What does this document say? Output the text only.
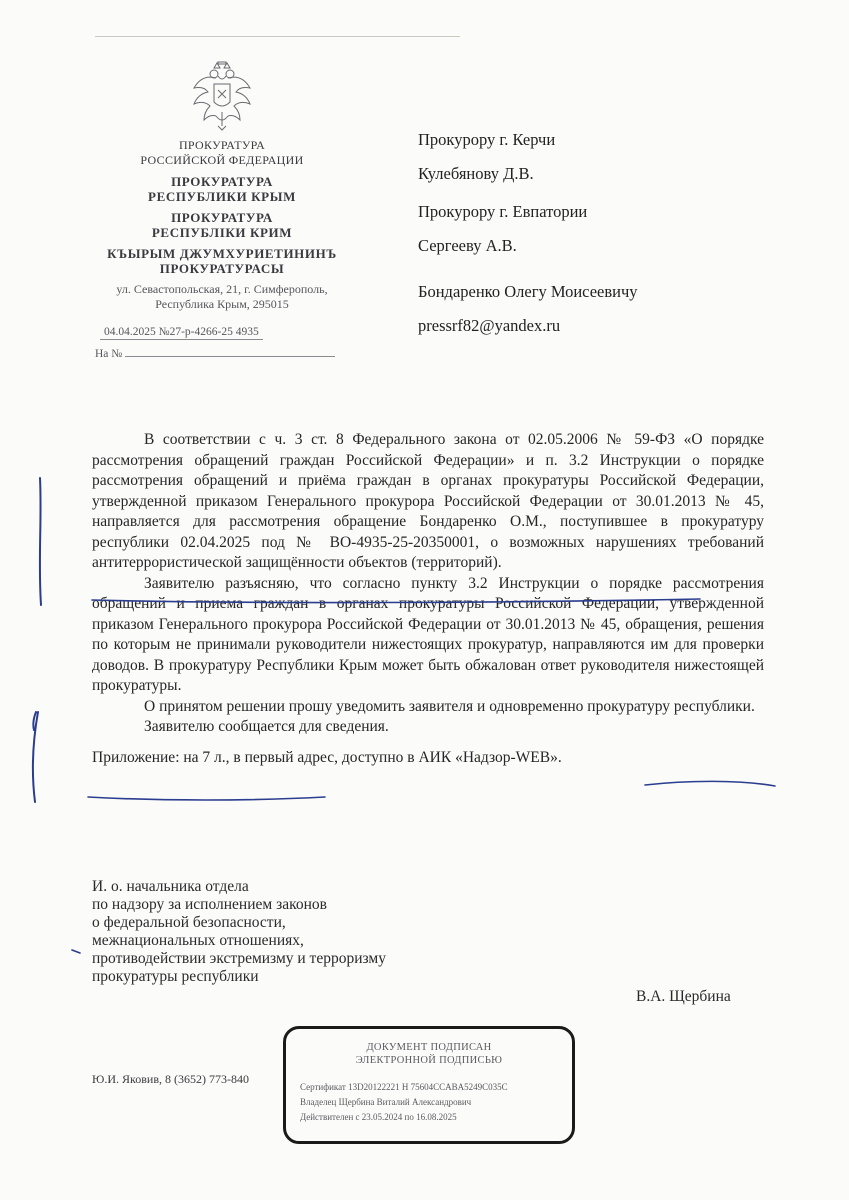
ПРОКУРАТУРА
РОССИЙСКОЙ ФЕДЕРАЦИИ
ПРОКУРАТУРА
РЕСПУБЛИКИ КРЫМ
ПРОКУРАТУРА
РЕСПУБЛIКИ КРИМ
КЪЫРЫМ ДЖУМХУРИЕТИНИНЪ
ПРОКУРАТУРАСЫ
ул. Севастопольская, 21, г. Симферополь,
Республика Крым, 295015
04.04.2025 №27-р-4266-25 4935
На №

Прокурору г. Керчи

Кулебянову Д.В.

Прокурору г. Евпатории

Сергееву А.В.

Бондаренко Олегу Моисеевичу

pressrf82@yandex.ru

В соответствии с ч. 3 ст. 8 Федерального закона от 02.05.2006 № 59-ФЗ «О порядке рассмотрения обращений граждан Российской Федерации» и п. 3.2 Инструкции о порядке рассмотрения обращений и приёма граждан в органах прокуратуры Российской Федерации, утвержденной приказом Генерального прокурора Российской Федерации от 30.01.2013 № 45, направляется для рассмотрения обращение Бондаренко О.М., поступившее в прокуратуру республики 02.04.2025 под № ВО-4935-25-20350001, о возможных нарушениях требований антитеррористической защищённости объектов (территорий).

Заявителю разъясняю, что согласно пункту 3.2 Инструкции о порядке рассмотрения обращений и приема граждан в органах прокуратуры Российской Федерации, утвержденной приказом Генерального прокурора Российской Федерации от 30.01.2013 № 45, обращения, решения по которым не принимали руководители нижестоящих прокуратур, направляются им для проверки доводов. В прокуратуру Республики Крым может быть обжалован ответ руководителя нижестоящей прокуратуры.

О принятом решении прошу уведомить заявителя и одновременно прокуратуру республики.

Заявителю сообщается для сведения.

Приложение: на 7 л., в первый адрес, доступно в АИК «Надзор-WEB».

И. о. начальника отдела
по надзору за исполнением законов
о федеральной безопасности,
межнациональных отношениях,
противодействии экстремизму и терроризму
прокуратуры республики
В.А. Щербина
Ю.И. Яковив, 8 (3652) 773-840
ДОКУМЕНТ ПОДПИСАН
ЭЛЕКТРОННОЙ ПОДПИСЬЮ
Сертификат 13D20122221 Н 75604CCABA5249C035C
Владелец Щербина Виталий Александрович
Действителен с 23.05.2024 по 16.08.2025
